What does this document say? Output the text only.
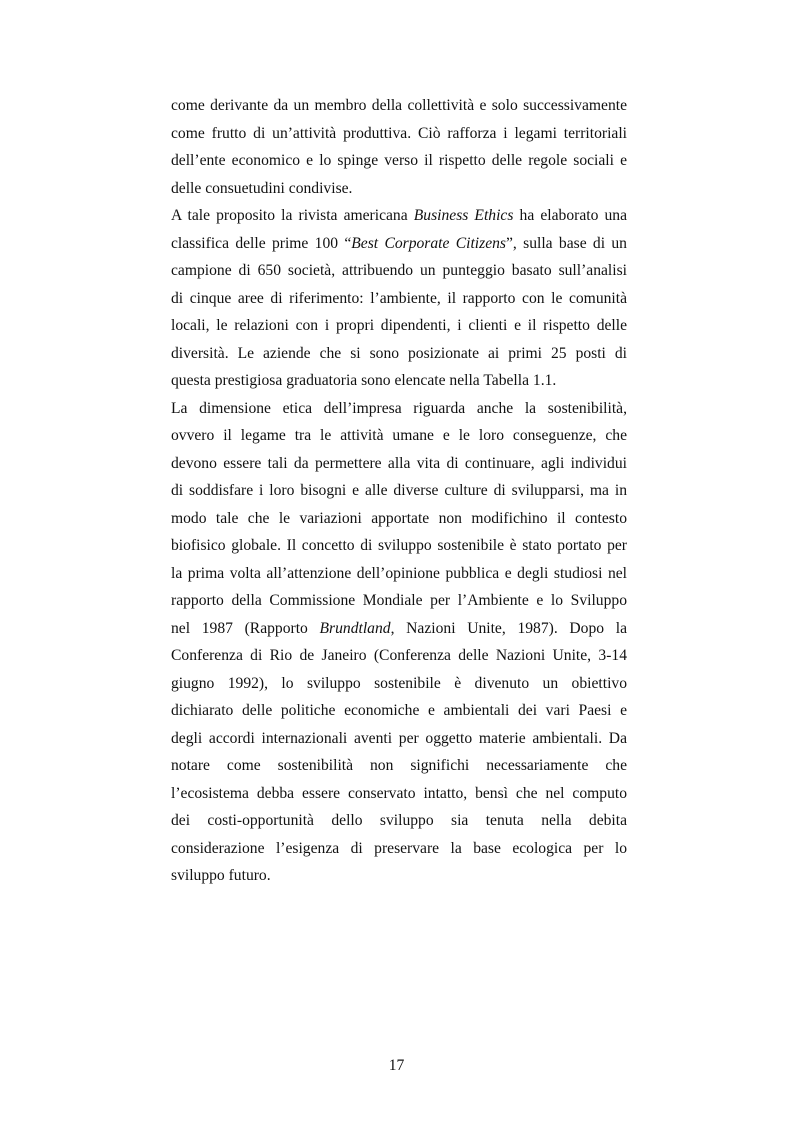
come derivante da un membro della collettività e solo successivamente
come frutto di un’attività produttiva. Ciò rafforza i legami territoriali
dell’ente economico e lo spinge verso il rispetto delle regole sociali e
delle consuetudini condivise.
A tale proposito la rivista americana Business Ethics ha elaborato una
classifica delle prime 100 “Best Corporate Citizens”, sulla base di un
campione di 650 società, attribuendo un punteggio basato sull’analisi
di cinque aree di riferimento: l’ambiente, il rapporto con le comunità
locali, le relazioni con i propri dipendenti, i clienti e il rispetto delle
diversità. Le aziende che si sono posizionate ai primi 25 posti di
questa prestigiosa graduatoria sono elencate nella Tabella 1.1.
La dimensione etica dell’impresa riguarda anche la sostenibilità,
ovvero il legame tra le attività umane e le loro conseguenze, che
devono essere tali da permettere alla vita di continuare, agli individui
di soddisfare i loro bisogni e alle diverse culture di svilupparsi, ma in
modo tale che le variazioni apportate non modifichino il contesto
biofisico globale. Il concetto di sviluppo sostenibile è stato portato per
la prima volta all’attenzione dell’opinione pubblica e degli studiosi nel
rapporto della Commissione Mondiale per l’Ambiente e lo Sviluppo
nel 1987 (Rapporto Brundtland, Nazioni Unite, 1987). Dopo la
Conferenza di Rio de Janeiro (Conferenza delle Nazioni Unite, 3-14
giugno 1992), lo sviluppo sostenibile è divenuto un obiettivo
dichiarato delle politiche economiche e ambientali dei vari Paesi e
degli accordi internazionali aventi per oggetto materie ambientali. Da
notare come sostenibilità non significhi necessariamente che
l’ecosistema debba essere conservato intatto, bensì che nel computo
dei costi-opportunità dello sviluppo sia tenuta nella debita
considerazione l’esigenza di preservare la base ecologica per lo
sviluppo futuro.
17
